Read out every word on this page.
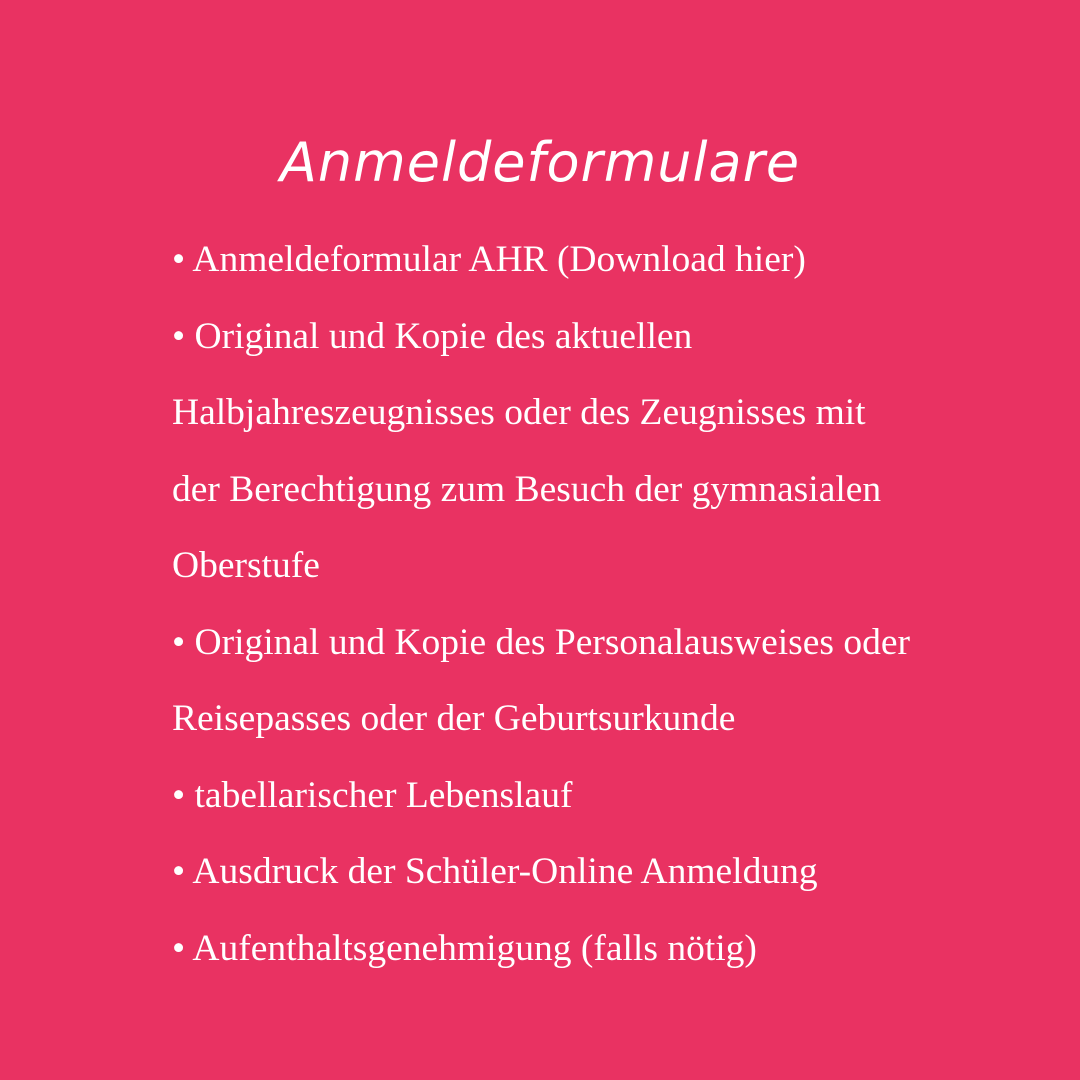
Anmeldeformulare
• Anmeldeformular AHR (Download hier)
• Original und Kopie des aktuellen
Halbjahreszeugnisses oder des Zeugnisses mit
der Berechtigung zum Besuch der gymnasialen
Oberstufe
• Original und Kopie des Personalausweises oder
Reisepasses oder der Geburtsurkunde
• tabellarischer Lebenslauf
• Ausdruck der Schüler-Online Anmeldung
• Aufenthaltsgenehmigung (falls nötig)
